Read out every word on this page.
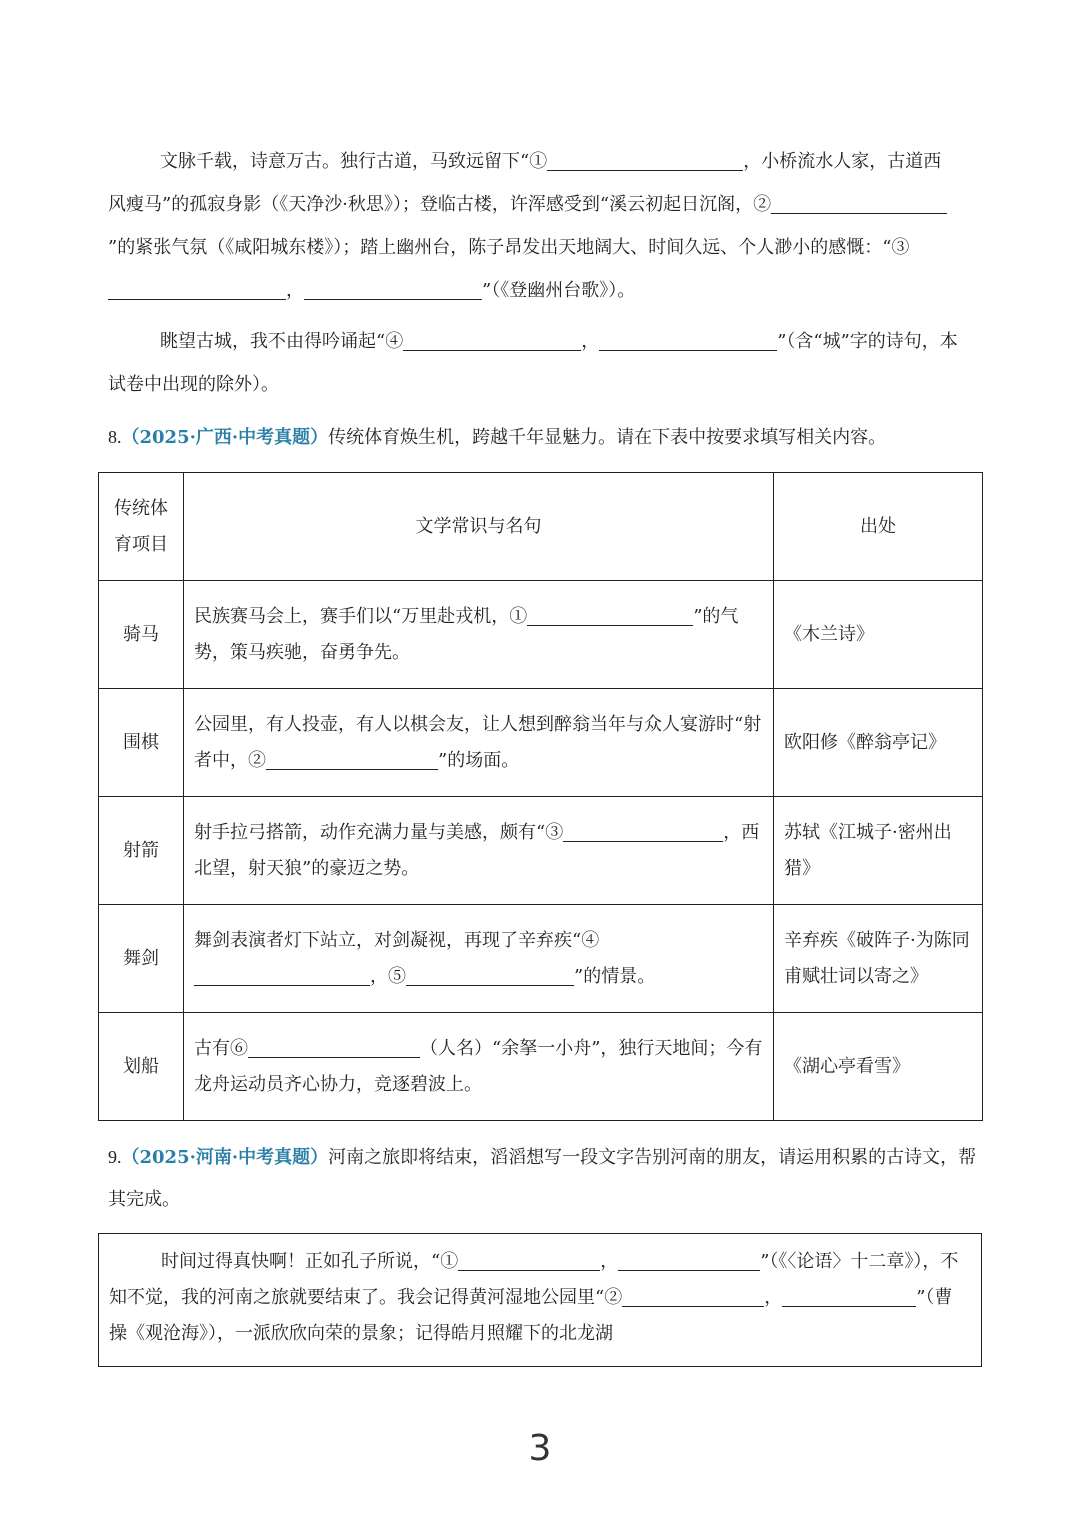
文脉千载，诗意万古。独行古道，马致远留下“①	，小桥流水人家，古道西风瘦马”的孤寂身影（《天净沙·秋思》）；登临古楼，许浑感受到“溪云初起日沉阁，②”的紧张气氛（《咸阳城东楼》）；踏上幽州台，陈子昂发出天地阔大、时间久远、个人渺小的感慨：“③，	”（《登幽州台歌》）。

眺望古城，我不由得吟诵起“④	，	”（含“城”字的诗句，本试卷中出现的除外）。

8.（2025·广西·中考真题）传统体育焕生机，跨越千年显魅力。请在下表中按要求填写相关内容。

传统体育项目	文学常识与名句	出处
骑马	民族赛马会上，赛手们以“万里赴戎机，① ”的气势，策马疾驰，奋勇争先。	《木兰诗》
围棋	公园里，有人投壶，有人以棋会友，让人想到醉翁当年与众人宴游时“射者中，② ”的场面。	欧阳修《醉翁亭记》
射箭	射手拉弓搭箭，动作充满力量与美感，颇有“③ ，西北望，射天狼”的豪迈之势。	苏轼《江城子·密州出猎》
舞剑	舞剑表演者灯下站立，对剑凝视，再现了辛弃疾“④，⑤ ”的情景。	辛弃疾《破阵子·为陈同甫赋壮词以寄之》
划船	古有⑥ （人名）“余拏一小舟”，独行天地间；今有龙舟运动员齐心协力，竞逐碧波上。	《湖心亭看雪》

9.（2025·河南·中考真题）河南之旅即将结束，滔滔想写一段文字告别河南的朋友，请运用积累的古诗文，帮其完成。

时间过得真快啊！正如孔子所说，“①	，	”（《〈论语〉十二章》），不知不觉，我的河南之旅就要结束了。我会记得黄河湿地公园里“②	，	”（曹操《观沧海》），一派欣欣向荣的景象；记得皓月照耀下的北龙湖
3
